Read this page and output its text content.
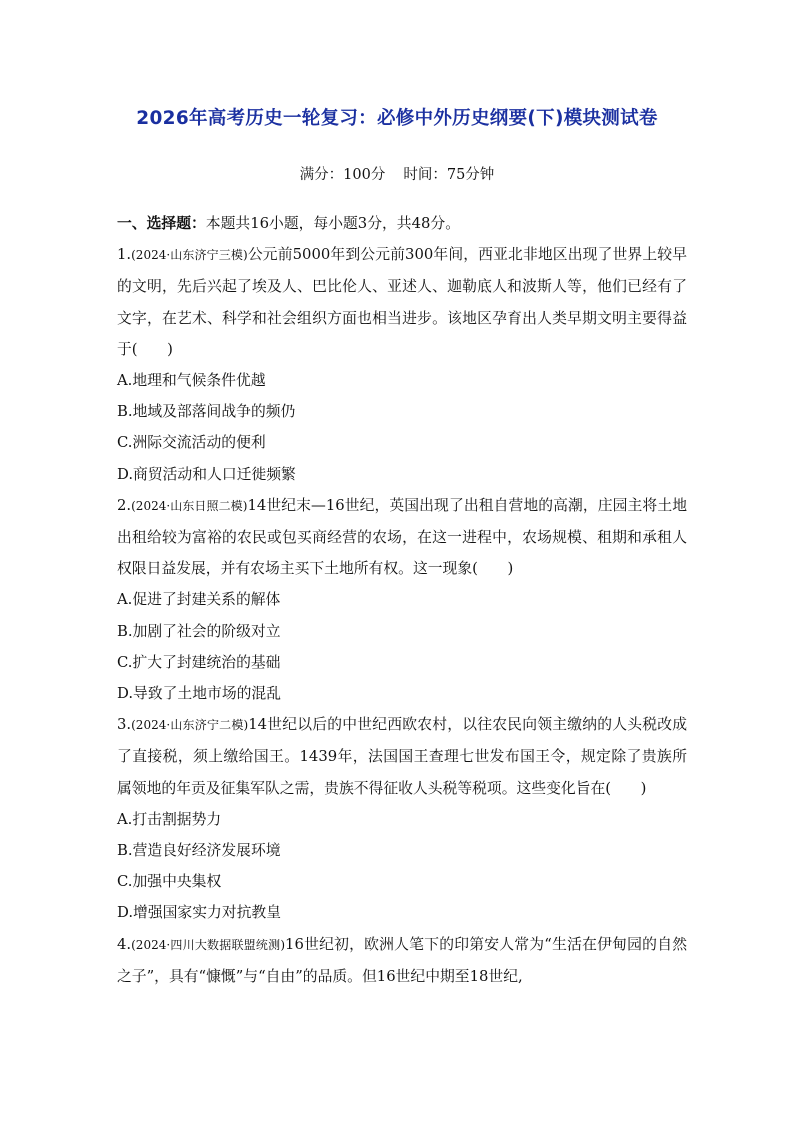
2026年高考历史一轮复习：必修中外历史纲要(下)模块测试卷
满分：100分 时间：75分钟

一、选择题：本题共16小题，每小题3分，共48分。

1.(2024·山东济宁三模)公元前5000年到公元前300年间，西亚北非地区出现了世界上较早的文明，先后兴起了埃及人、巴比伦人、亚述人、迦勒底人和波斯人等，他们已经有了文字，在艺术、科学和社会组织方面也相当进步。该地区孕育出人类早期文明主要得益于(　　)

A.地理和气候条件优越

B.地域及部落间战争的频仍

C.洲际交流活动的便利

D.商贸活动和人口迁徙频繁

2.(2024·山东日照二模)14世纪末—16世纪，英国出现了出租自营地的高潮，庄园主将土地出租给较为富裕的农民或包买商经营的农场，在这一进程中，农场规模、租期和承租人权限日益发展，并有农场主买下土地所有权。这一现象(　　)

A.促进了封建关系的解体

B.加剧了社会的阶级对立

C.扩大了封建统治的基础

D.导致了土地市场的混乱

3.(2024·山东济宁二模)14世纪以后的中世纪西欧农村，以往农民向领主缴纳的人头税改成了直接税，须上缴给国王。1439年，法国国王查理七世发布国王令，规定除了贵族所属领地的年贡及征集军队之需，贵族不得征收人头税等税项。这些变化旨在(　　)

A.打击割据势力

B.营造良好经济发展环境

C.加强中央集权

D.增强国家实力对抗教皇

4.(2024·四川大数据联盟统测)16世纪初，欧洲人笔下的印第安人常为“生活在伊甸园的自然之子”，具有“慷慨”与“自由”的品质。但16世纪中期至18世纪,
